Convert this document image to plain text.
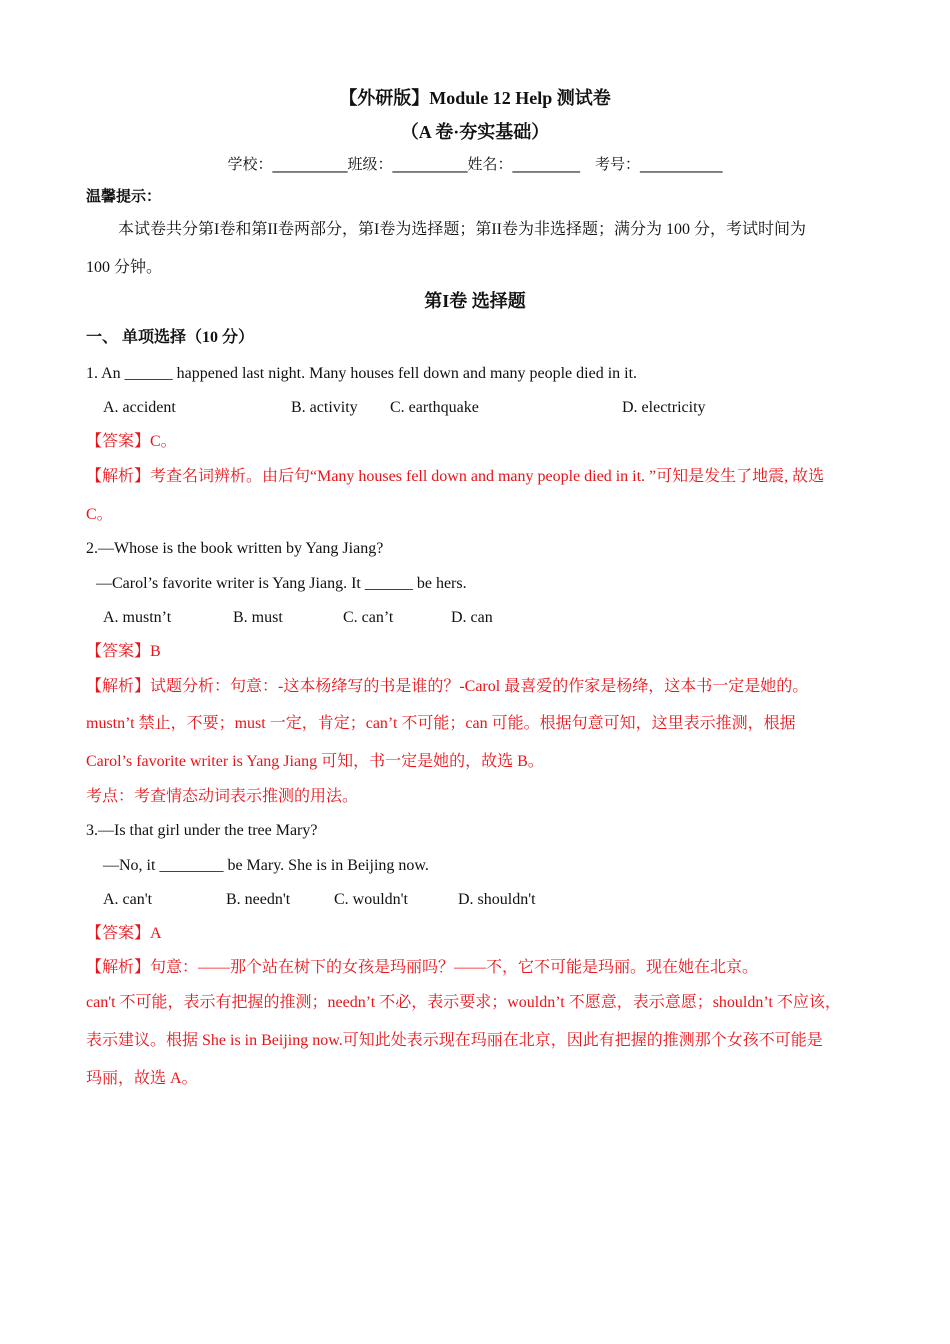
【外研版】Module 12 Help 测试卷
（A 卷·夯实基础）
学校：__________班级：__________姓名：_________　考号：___________
温馨提示：
本试卷共分第I卷和第II卷两部分，第I卷为选择题；第II卷为非选择题；满分为 100 分，考试时间为
100 分钟。
第I卷 选择题
一、 单项选择（10 分）
1. An ______ happened last night. Many houses fell down and many people died in it.
A. accident	B. activity C. earthquake	D. electricity
【答案】C。
【解析】考查名词辨析。由后句“Many houses fell down and many people died in it. ”可知是发生了地震, 故选
C。
2.—Whose is the book written by Yang Jiang?
—Carol’s favorite writer is Yang Jiang. It ______ be hers.
A. mustn’t	B. must	C. can’t	D. can
【答案】B
【解析】试题分析：句意：-这本杨绛写的书是谁的？-Carol 最喜爱的作家是杨绛，这本书一定是她的。
mustn’t 禁止，不要；must 一定，肯定；can’t 不可能；can 可能。根据句意可知，这里表示推测，根据
Carol’s favorite writer is Yang Jiang 可知，书一定是她的，故选 B。
考点：考查情态动词表示推测的用法。
3.—Is that girl under the tree Mary?
—No, it ________ be Mary. She is in Beijing now.
A. can't	B. needn't	C. wouldn't	D. shouldn't
【答案】A
【解析】句意：——那个站在树下的女孩是玛丽吗？——不，它不可能是玛丽。现在她在北京。
can't 不可能，表示有把握的推测；needn’t 不必，表示要求；wouldn’t 不愿意，表示意愿；shouldn’t 不应该，
表示建议。根据 She is in Beijing now.可知此处表示现在玛丽在北京，因此有把握的推测那个女孩不可能是
玛丽，故选 A。
